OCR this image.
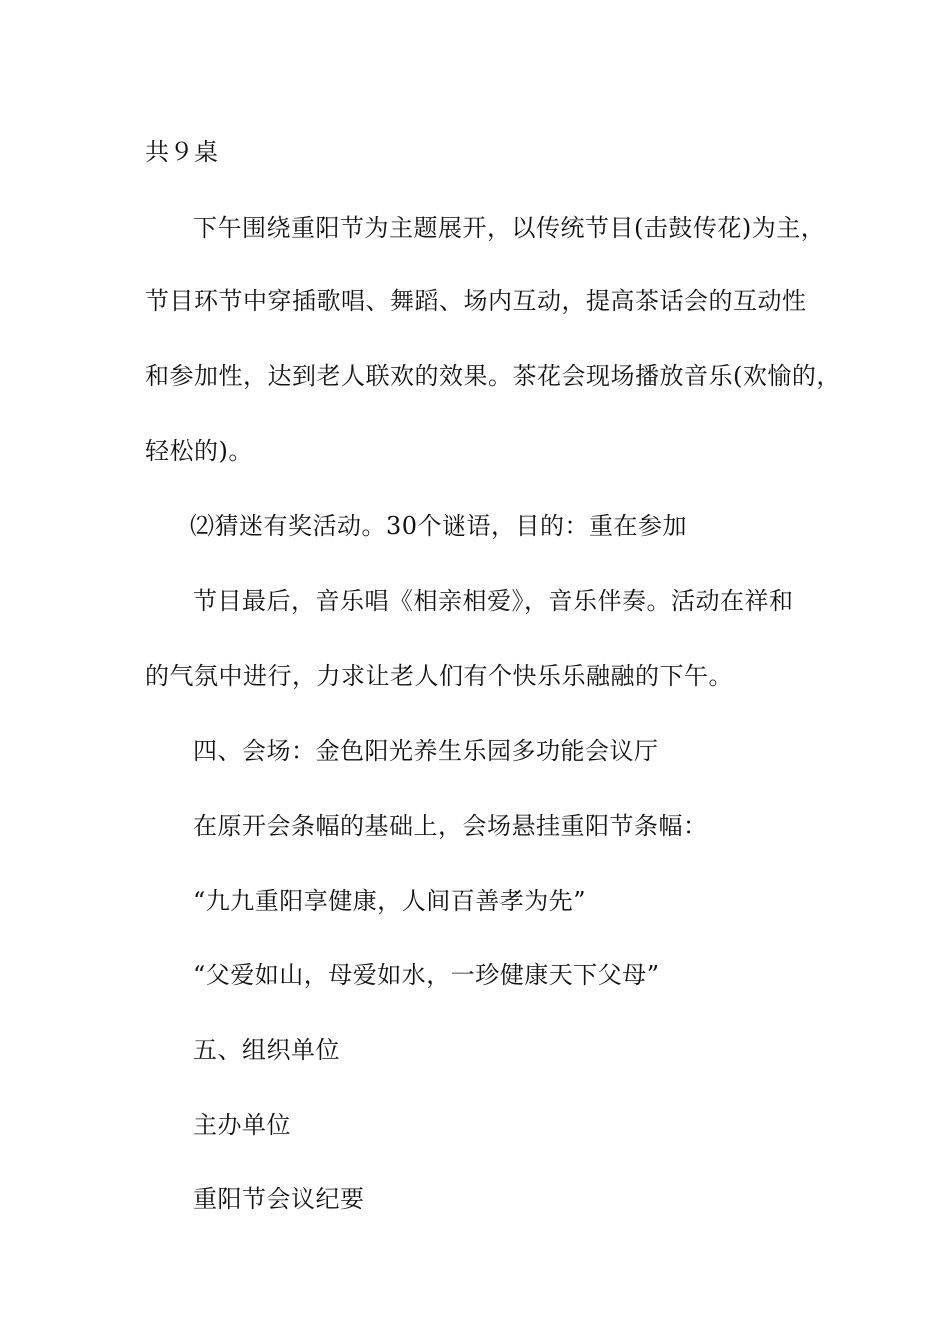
共９桌
下午围绕重阳节为主题展开，以传统节目(击鼓传花)为主，
节目环节中穿插歌唱、舞蹈、场内互动，提高茶话会的互动性
和参加性，达到老人联欢的效果。茶花会现场播放音乐(欢愉的，
轻松的)。
⑵猜迷有奖活动。30个谜语，目的：重在参加
节目最后，音乐唱《相亲相爱》，音乐伴奏。活动在祥和
的气氛中进行，力求让老人们有个快乐乐融融的下午。
四、会场：金色阳光养生乐园多功能会议厅
在原开会条幅的基础上，会场悬挂重阳节条幅：
“九九重阳享健康，人间百善孝为先”
“父爱如山，母爱如水，一珍健康天下父母”
五、组织单位
主办单位
重阳节会议纪要
